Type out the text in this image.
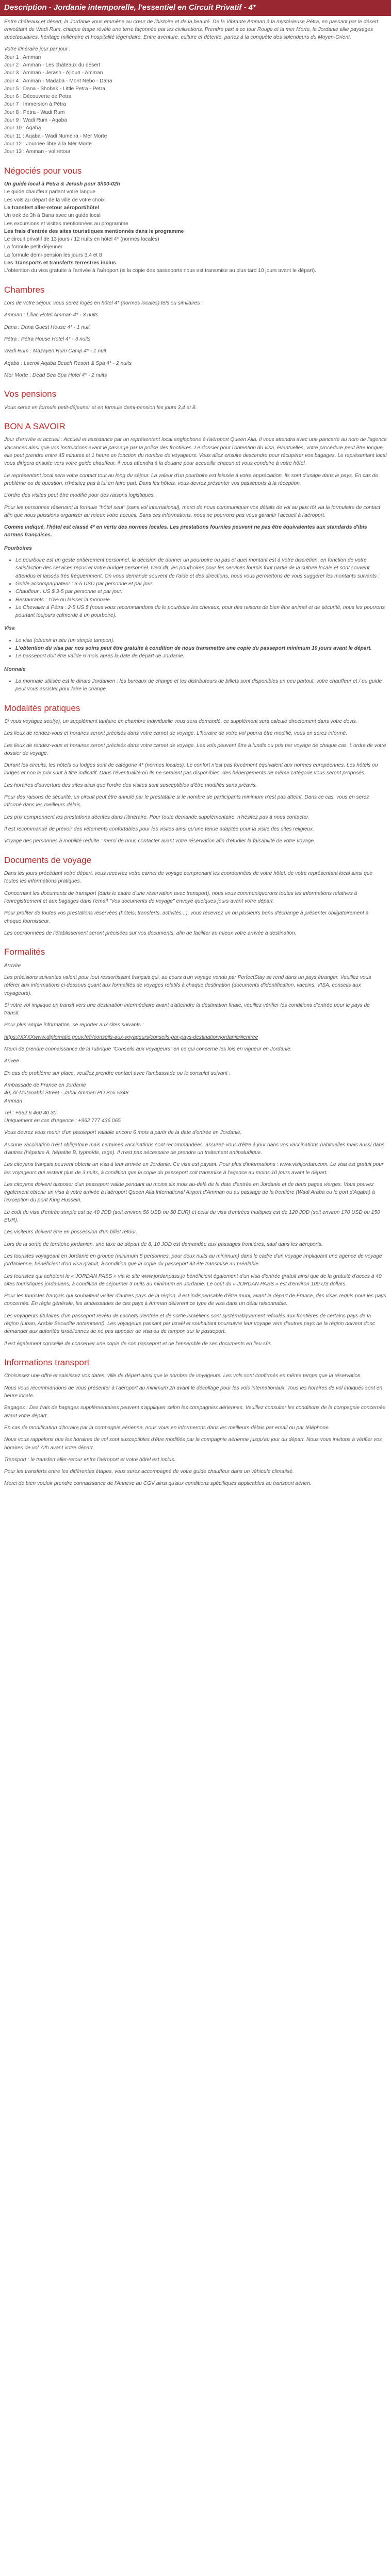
Description - Jordanie intemporelle, l'essentiel en Circuit Privatif - 4*

Entre châteaux et désert, la Jordanie vous emmène au cœur de l'histoire et de la beauté. De la Vibrante Amman à la mystérieuse Pétra, en passant par le désert envoûtant de Wadi Rum, chaque étape révèle une terre façonnée par les civilisations. Prendre part à ce tour Rouge et la mer Morte, la Jordanie allie paysages spectaculaires, héritage millénaire et hospitalité légendaire. Entre aventure, culture et détente, partez à la conquête des splendeurs du Moyen-Orient.

Votre itinéraire jour par jour :

Jour 1 : Amman
Jour 2 : Amman - Les châteaux du désert
Jour 3 : Amman - Jerash - Ajloun - Amman
Jour 4 : Amman - Madaba - Mont Nebo - Dana
Jour 5 : Dana - Shobak - Little Petra - Petra
Jour 6 : Découverte de Petra
Jour 7 : Immersion à Pétra
Jour 8 : Pétra - Wadi Rum
Jour 9 : Wadi Rum - Aqaba
Jour 10 : Aqaba
Jour 11 : Aqaba - Wadi Numeira - Mer Morte
Jour 12 : Journée libre à la Mer Morte
Jour 13 : Amman - vol retour
Négociés pour vous

Un guide local à Petra & Jerash pour 3h00-02h

Le guide chauffeur parlant votre langue
Les vols au départ de la ville de votre choix
Le transfert aller-retour aéroport/hôtel
Un trek de 3h à Dana avec un guide local
Les excursions et visites mentionnées au programme
Les frais d'entrée des sites touristiques mentionnés dans le programme
Le circuit privatif de 13 jours / 12 nuits en hôtel 4* (normes locales)
La formule petit-déjeuner
La formule demi-pension les jours 3,4 et 8
Les Transports et transferts terrestres inclus
L'obtention du visa gratuite à l'arrivée à l'aéroport (si la copie des passeports nous est transmise au plus tard 10 jours avant le départ).
Chambres

Lors de votre séjour, vous serez logés en hôtel 4* (normes locales) tels ou similaires :

Amman : Liliac Hotel Amman 4* - 3 nuits

Dana : Dana Guest House 4* - 1 nuit

Pétra : Pétra House Hotel 4* - 3 nuits

Wadi Rum : Mazayen Rum Camp 4* - 1 nuit

Aqaba : Lacroit Aqaba Beach Resort & Spa 4* - 2 nuits

Mer Morte : Dead Sea Spa Hotel 4* - 2 nuits

Vos pensions

Vous serez en formule petit-déjeuner et en formule demi-pension les jours 3,4 et 8.

BON A SAVOIR

Jour d'arrivée et accueil : Accueil et assistance par un représentant local anglophone à l'aéroport Queen Alia. Il vous attendra avec une pancarte au nom de l'agence Vacances ainsi que vos instructions avant le passage par la police des frontières. Le dossier pour l'obtention du visa, éventuelles, votre procédure peut être longue, elle peut prendre entre 45 minutes et 1 heure en fonction du nombre de voyageurs. Vous allez ensuite descendre pour récupérer vos bagages. Le représentant local vous dirigera ensuite vers votre guide chauffeur, il vous attendra à la douane pour accueillir chacun et vous conduire à votre hôtel.

Le représentant local sera votre contact tout au long du séjour. La valeur d'un pourboire est laissée à votre appréciation. Ils sont d'usage dans le pays. En cas de problème ou de question, n'hésitez pas à lui en faire part. Dans les hôtels, vous devrez présenter vos passeports à la réception.

L'ordre des visites peut être modifié pour des raisons logistiques.

Pour les personnes réservant la formule "hôtel seul" (sans vol international), merci de nous communiquer vos détails de vol au plus tôt via la formulaire de contact afin que nous puissions organiser au mieux votre accueil. Sans ces informations, nous ne pourrons pas vous garantir l'accueil à l'aéroport.

Comme indiqué, l'hôtel est classé 4* en vertu des normes locales. Les prestations fournies peuvent ne pas être équivalentes aux standards d'ibis normes françaises.

Pourboires

• Le pourboire est un geste entièrement personnel, la décision de donner un pourboire ou pas et quel montant est à votre discrétion, en fonction de votre satisfaction des services reçus et votre budget personnel. Ceci dit, les pourboires pour les services fournis font partie de la culture locale et sont souvent attendus et laissés très fréquemment. On vous demande souvent de l'aide et des directions, nous vous permettons de vous suggérer les montants suivants :
• Guide accompagnateur : 3-5 USD par personne et par jour.
• Chauffeur : US $ 3-5 par personne et par jour.
• Restaurants : 10% ou laisser la monnaie.
• Le Chevalier à Pétra : 2-5 US $ (nous vous recommandons de le pourboire les chevaux, pour des raisons de bien être animal et de sécurité, nous les pourrons pourtant toujours calmerde à un pourboire).

Visa

• Le visa (obtenir in situ (un simple tampon).
• L'obtention du visa par nos soins peut être gratuite à condition de nous transmettre une copie du passeport minimum 10 jours avant le départ.
• Le passeport doit être valide 6 mois après la date de départ de Jordanie.

Monnaie

• La monnaie utilisée est le dinars Jordanien : les bureaux de change et les distributeurs de billets sont disponibles un peu partout, votre chauffeur et / ou guide peut vous assister pour faire le change.
Modalités pratiques

Si vous voyagez seul(e), un supplément tarifaire en chambre individuelle vous sera demandé. ce supplément sera calculé directement dans votre devis.

Les lieux de rendez-vous et horaires seront précisés dans votre carnet de voyage. L'horaire de votre vol pourra être modifié, vous en serez informé.

Les lieux de rendez-vous et horaires seront précisés dans votre carnet de voyage. Les vols peuvent être à lundis ou prix par voyage de chaque cas. L'ordre de votre dossier de voyage.

Durant les circuits, les hôtels ou lodges sont de catégorie 4* (normes locales). Le confort n'est pas forcément équivalent aux normes européennes. Les hôtels ou lodges et non le prix sont à titre indicatif. Dans l'éventualité où ils ne seraient pas disponibles, des hébergements de même catégorie vous seront proposés.

Les horaires d'ouverture des sites ainsi que l'ordre des visites sont susceptibles d'être modifiés sans préavis.

Pour des raisons de sécurité, un circuit peut être annulé par le prestataire si le nombre de participants minimum n'est pas atteint. Dans ce cas, vous en serez informé dans les meilleurs délais.

Les prix comprennent les prestations décrites dans l'itinéraire. Pour toute demande supplémentaire, n'hésitez pas à nous contacter.

Il est recommandé de prévoir des vêtements confortables pour les visites ainsi qu'une tenue adaptée pour la visite des sites religieux.

Voyage des personnes à mobilité réduite : merci de nous contacter avant votre réservation afin d'étudier la faisabilité de votre voyage.

Documents de voyage

Dans les jours précédant votre départ, vous recevrez votre carnet de voyage comprenant les coordonnées de votre hôtel, de votre représentant local ainsi que toutes les informations pratiques.

Concernant les documents de transport (dans le cadre d'une réservation avec transport), nous vous communiquerons toutes les informations relatives à l'enregistrement et aux bagages dans l'email "Vos documents de voyage" envoyé quelques jours avant votre départ.

Pour profiter de toutes vos prestations réservées (hôtels, transferts, activités...), vous recevrez un ou plusieurs bons d'échange à présenter obligatoirement à chaque fournisseur.

Les coordonnées de l'établissement seront précisées sur vos documents, afin de faciliter au mieux votre arrivée à destination.

Formalités

Arrivée

Les précisions suivantes valent pour tout ressortissant français qui, au cours d'un voyage vendu par PerfectStay se rend dans un pays étranger. Veuillez vous référer aux informations ci-dessous quant aux formalités de voyages relatifs à chaque destination (documents d'identification, vaccins, VISA, conseils aux voyageurs).

Si votre vol implique un transit vers une destination intermédiaire avant d'atteindre la destination finale, veuillez vérifier les conditions d'entrée pour le pays de transit.

Pour plus ample information, se reporter aux sites suivants :

https://XXXXwww.diplomatie.gouv.fr/fr/conseils-aux-voyageurs/conseils-par-pays-destination/jordanie/#entree

Merci de prendre connaissance de la rubrique "Conseils aux voyageurs" en ce qui concerne les lois en vigueur en Jordanie.

Arivee

En cas de problème sur place, veuillez prendre contact avec l'ambassade ou le consulat suivant :

Ambassade de France en Jordanie
40, Al-Mutanabbi Street - Jabal Amman PO Box 5348
Amman

Tel : +962 6 460 40 30
Uniquement en cas d'urgence : +962 777 436 065

Vous devrez vous munir d'un passeport valable encore 6 mois à partir de la date d'entrée en Jordanie.

Aucune vaccination n'est obligatoire mais certaines vaccinations sont recommandées, assurez-vous d'être à jour dans vos vaccinations habituelles mais aussi dans d'autres (hépatite A, hépatite B, typhoïde, rage). Il n'est pas nécessaire de prendre un traitement antipaludique.

Les citoyens français peuvent obtenir un visa à leur arrivée en Jordanie. Ce visa est payant. Pour plus d'informations : www.visitjordan.com. Le visa est gratuit pour les voyageurs qui restent plus de 3 nuits, à condition que la copie du passeport soit transmise à l'agence au moins 10 jours avant le départ.

Les citoyens doivent disposer d'un passeport valide pendant au moins six mois au-delà de la date d'entrée en Jordanie et de deux pages vierges. Vous pouvez également obtenir un visa à votre arrivée à l'aéroport Queen Alia International Airport d'Amman ou au passage de la frontière (Wadi Araba ou le port d'Aqaba) à l'exception du pont King Hussein.

Le coût du visa d'entrée simple est de 40 JOD (soit environ 56 USD ou 50 EUR) et celui du visa d'entrées multiples est de 120 JOD (soit environ 170 USD ou 150 EUR).

Les visiteurs doivent être en possession d'un billet retour.

Lors de la sortie de territoire jordanien, une taxe de départ de 8, 10 JOD est demandée aux passages frontières, sauf dans les aéroports.

Les touristes voyageant en Jordanie en groupe (minimum 5 personnes, pour deux nuits au minimum) dans le cadre d'un voyage impliquant une agence de voyage jordanienne, bénéficient d'un visa gratuit, à condition que la copie du passeport ait été transmise au préalable.

Les touristes qui achètent le « JORDAN PASS » via le site www.jordanpass.jo bénéficient également d'un visa d'entrée gratuit ainsi que de la gratuité d'accès à 40 sites touristiques jordaniens, à condition de séjourner 3 nuits au minimum en Jordanie. Le coût du « JORDAN PASS » est d'environ 100 US dollars.

Pour les touristes français qui souhaitent visiter d'autres pays de la région, il est indispensable d'être muni, avant le départ de France, des visas requis pour les pays concernés. En règle générale, les ambassades de ces pays à Amman délivrent ce type de visa dans un délai raisonnable.

Les voyageurs titulaires d'un passeport revêtu de cachets d'entrée et de sortie israéliens sont systématiquement refoulés aux frontières de certains pays de la région (Liban, Arabie Saoudite notamment). Les voyageurs passant par Israël et souhaitant poursuivre leur voyage vers d'autres pays de la région doivent donc demander aux autorités israéliennes de ne pas apposer de visa ou de tampon sur le passeport.

Il est également conseillé de conserver une copie de son passeport et de l'ensemble de ses documents en lieu sûr.

Informations transport

Choisissez une offre et saisissez vos dates, ville de départ ainsi que le nombre de voyageurs. Les vols sont confirmés en même temps que la réservation.

Nous vous recommandons de vous présenter à l'aéroport au minimum 2h avant le décollage pour les vols internationaux. Tous les horaires de vol indiqués sont en heure locale.

Bagages : Des frais de bagages supplémentaires peuvent s'appliquer selon les compagnies aériennes. Veuillez consulter les conditions de la compagnie concernée avant votre départ.

En cas de modification d'horaire par la compagnie aérienne, nous vous en informerons dans les meilleurs délais par email ou par téléphone.

Nous vous rappelons que les horaires de vol sont susceptibles d'être modifiés par la compagnie aérienne jusqu'au jour du départ. Nous vous invitons à vérifier vos horaires de vol 72h avant votre départ.

Transport : le transfert aller-retour entre l'aéroport et votre hôtel est inclus.

Pour les transferts entre les différentes étapes, vous serez accompagné de votre guide chauffeur dans un véhicule climatisé.

Merci de bien vouloir prendre connaissance de l'Annexe au CGV ainsi qu'aux conditions spécifiques applicables au transport aérien.
